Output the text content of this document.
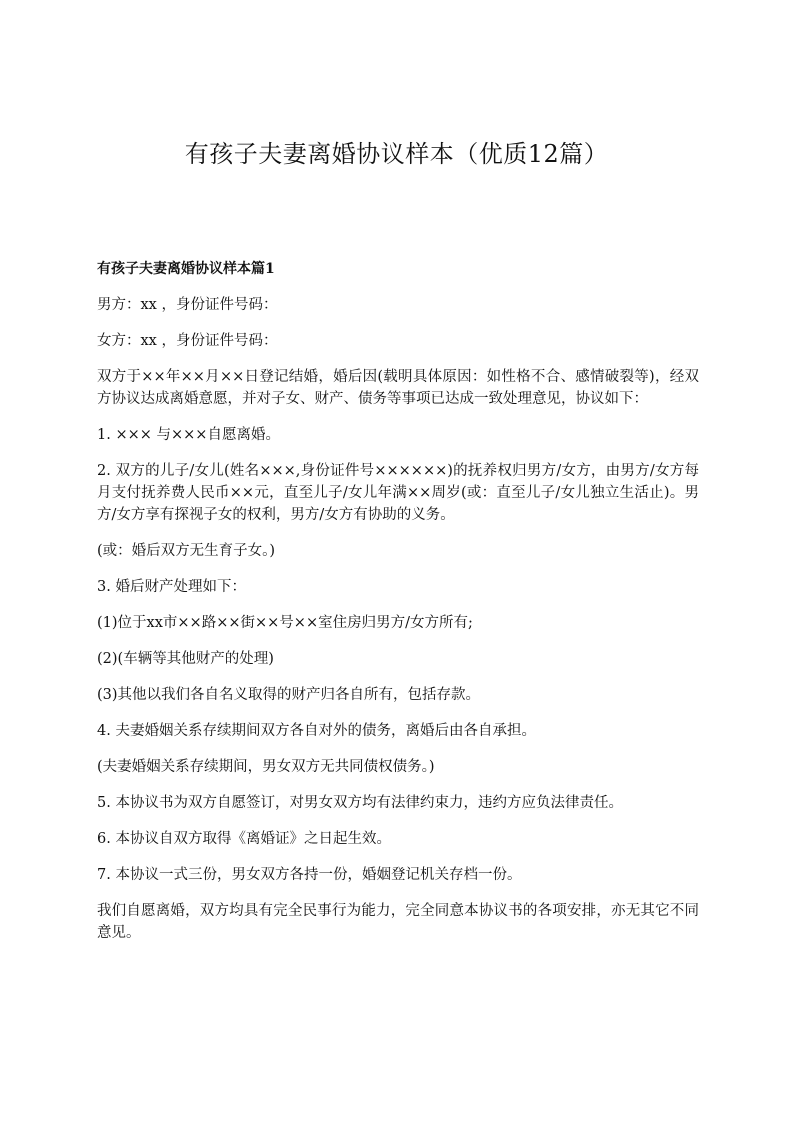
有孩子夫妻离婚协议样本（优质12篇）

有孩子夫妻离婚协议样本篇1

男方：xx ，身份证件号码：

女方：xx ，身份证件号码：

双方于××年××月××日登记结婚，婚后因(载明具体原因：如性格不合、感情破裂等)，经双方协议达成离婚意愿，并对子女、财产、债务等事项已达成一致处理意见，协议如下：

1. ××× 与×××自愿离婚。

2. 双方的儿子/女儿(姓名×××,身份证件号××××××)的抚养权归男方/女方，由男方/女方每月支付抚养费人民币××元，直至儿子/女儿年满××周岁(或：直至儿子/女儿独立生活止)。男方/女方享有探视子女的权利，男方/女方有协助的义务。

(或：婚后双方无生育子女。)

3. 婚后财产处理如下：

(1)位于xx市××路××街××号××室住房归男方/女方所有;

(2)(车辆等其他财产的处理)

(3)其他以我们各自名义取得的财产归各自所有，包括存款。

4. 夫妻婚姻关系存续期间双方各自对外的债务，离婚后由各自承担。

(夫妻婚姻关系存续期间，男女双方无共同债权债务。)

5. 本协议书为双方自愿签订，对男女双方均有法律约束力，违约方应负法律责任。

6. 本协议自双方取得《离婚证》之日起生效。

7. 本协议一式三份，男女双方各持一份，婚姻登记机关存档一份。

我们自愿离婚，双方均具有完全民事行为能力，完全同意本协议书的各项安排，亦无其它不同意见。
